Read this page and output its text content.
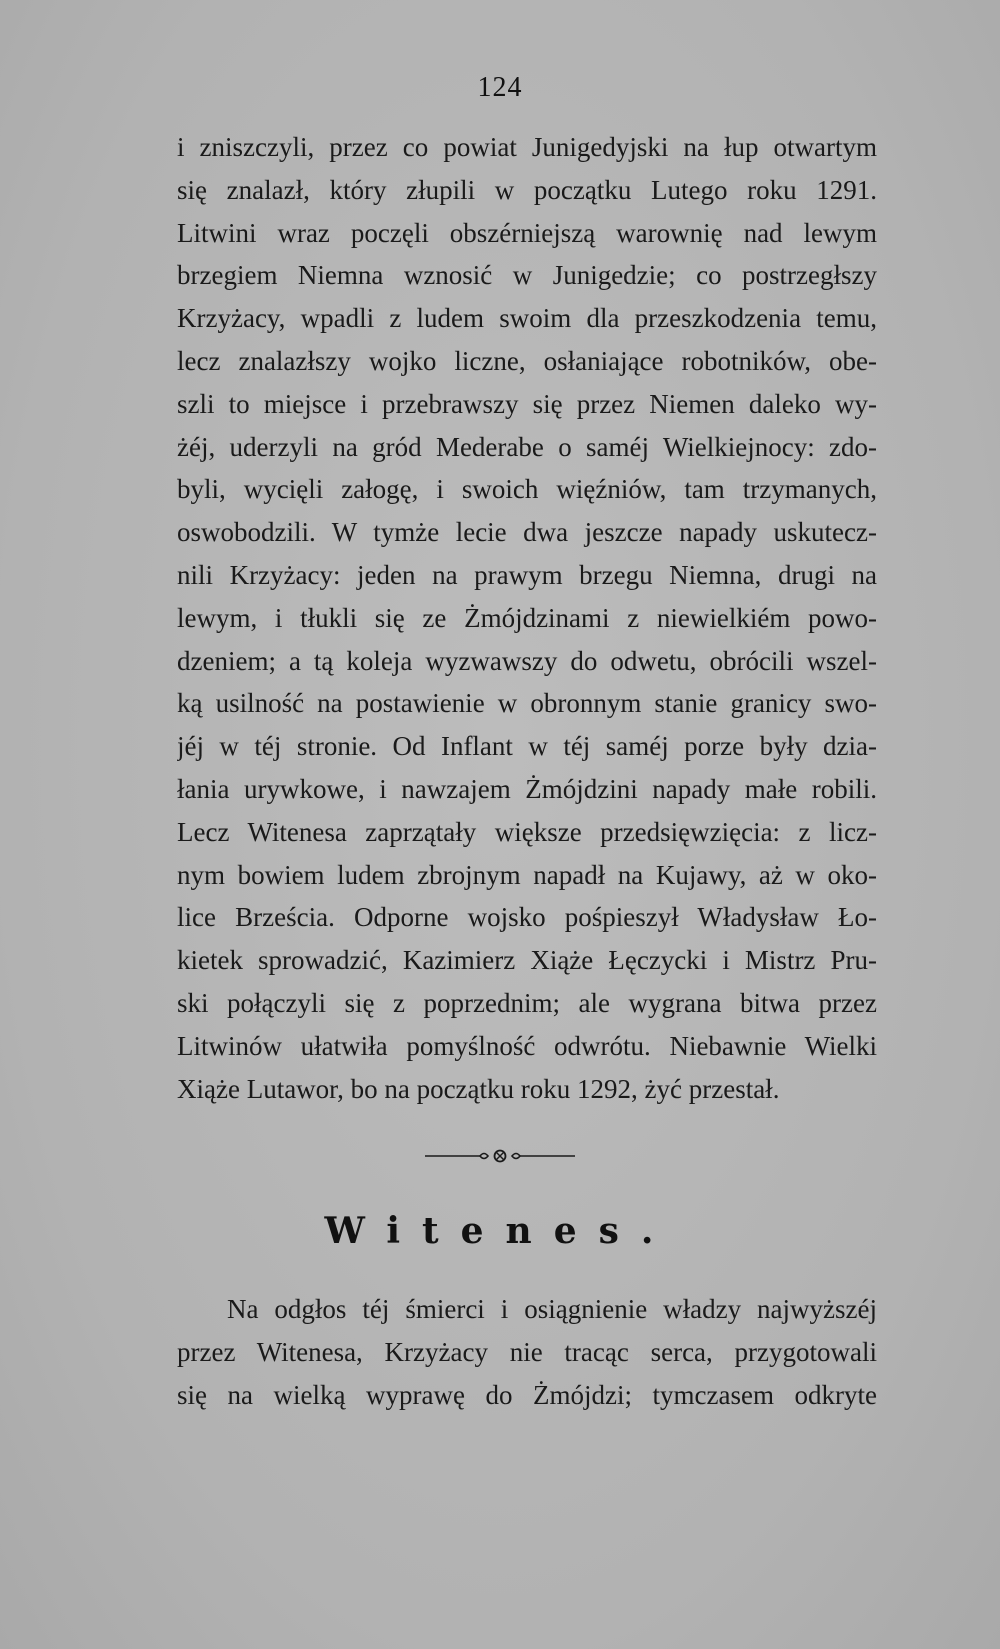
124
i zniszczyli, przez co powiat Junigedyjski na łup otwartym
się znalazł, który złupili w początku Lutego roku 1291.
Litwini wraz poczęli obszérniejszą warownię nad lewym
brzegiem Niemna wznosić w Junigedzie; co postrzegłszy
Krzyżacy, wpadli z ludem swoim dla przeszkodzenia temu,
lecz znalazłszy wojko liczne, osłaniające robotników, obe-
szli to miejsce i przebrawszy się przez Niemen daleko wy-
żéj, uderzyli na gród Mederabe o saméj Wielkiejnocy: zdo-
byli, wycięli załogę, i swoich więźniów, tam trzymanych,
oswobodzili. W tymże lecie dwa jeszcze napady uskutecz-
nili Krzyżacy: jeden na prawym brzegu Niemna, drugi na
lewym, i tłukli się ze Żmójdzinami z niewielkiém powo-
dzeniem; a tą koleja wyzwawszy do odwetu, obrócili wszel-
ką usilność na postawienie w obronnym stanie granicy swo-
jéj w téj stronie. Od Inflant w téj saméj porze były dzia-
łania urywkowe, i nawzajem Żmójdzini napady małe robili.
Lecz Witenesa zaprzątały większe przedsięwzięcia: z licz-
nym bowiem ludem zbrojnym napadł na Kujawy, aż w oko-
lice Brześcia. Odporne wojsko pośpieszył Władysław Ło-
kietek sprowadzić, Kazimierz Xiąże Łęczycki i Mistrz Pru-
ski połączyli się z poprzednim; ale wygrana bitwa przez
Litwinów ułatwiła pomyślność odwrótu. Niebawnie Wielki
Xiąże Lutawor, bo na początku roku 1292, żyć przestał.
Witenes.
Na odgłos téj śmierci i osiągnienie władzy najwyższéj
przez Witenesa, Krzyżacy nie tracąc serca, przygotowali
się na wielką wyprawę do Żmójdzi; tymczasem odkryte
